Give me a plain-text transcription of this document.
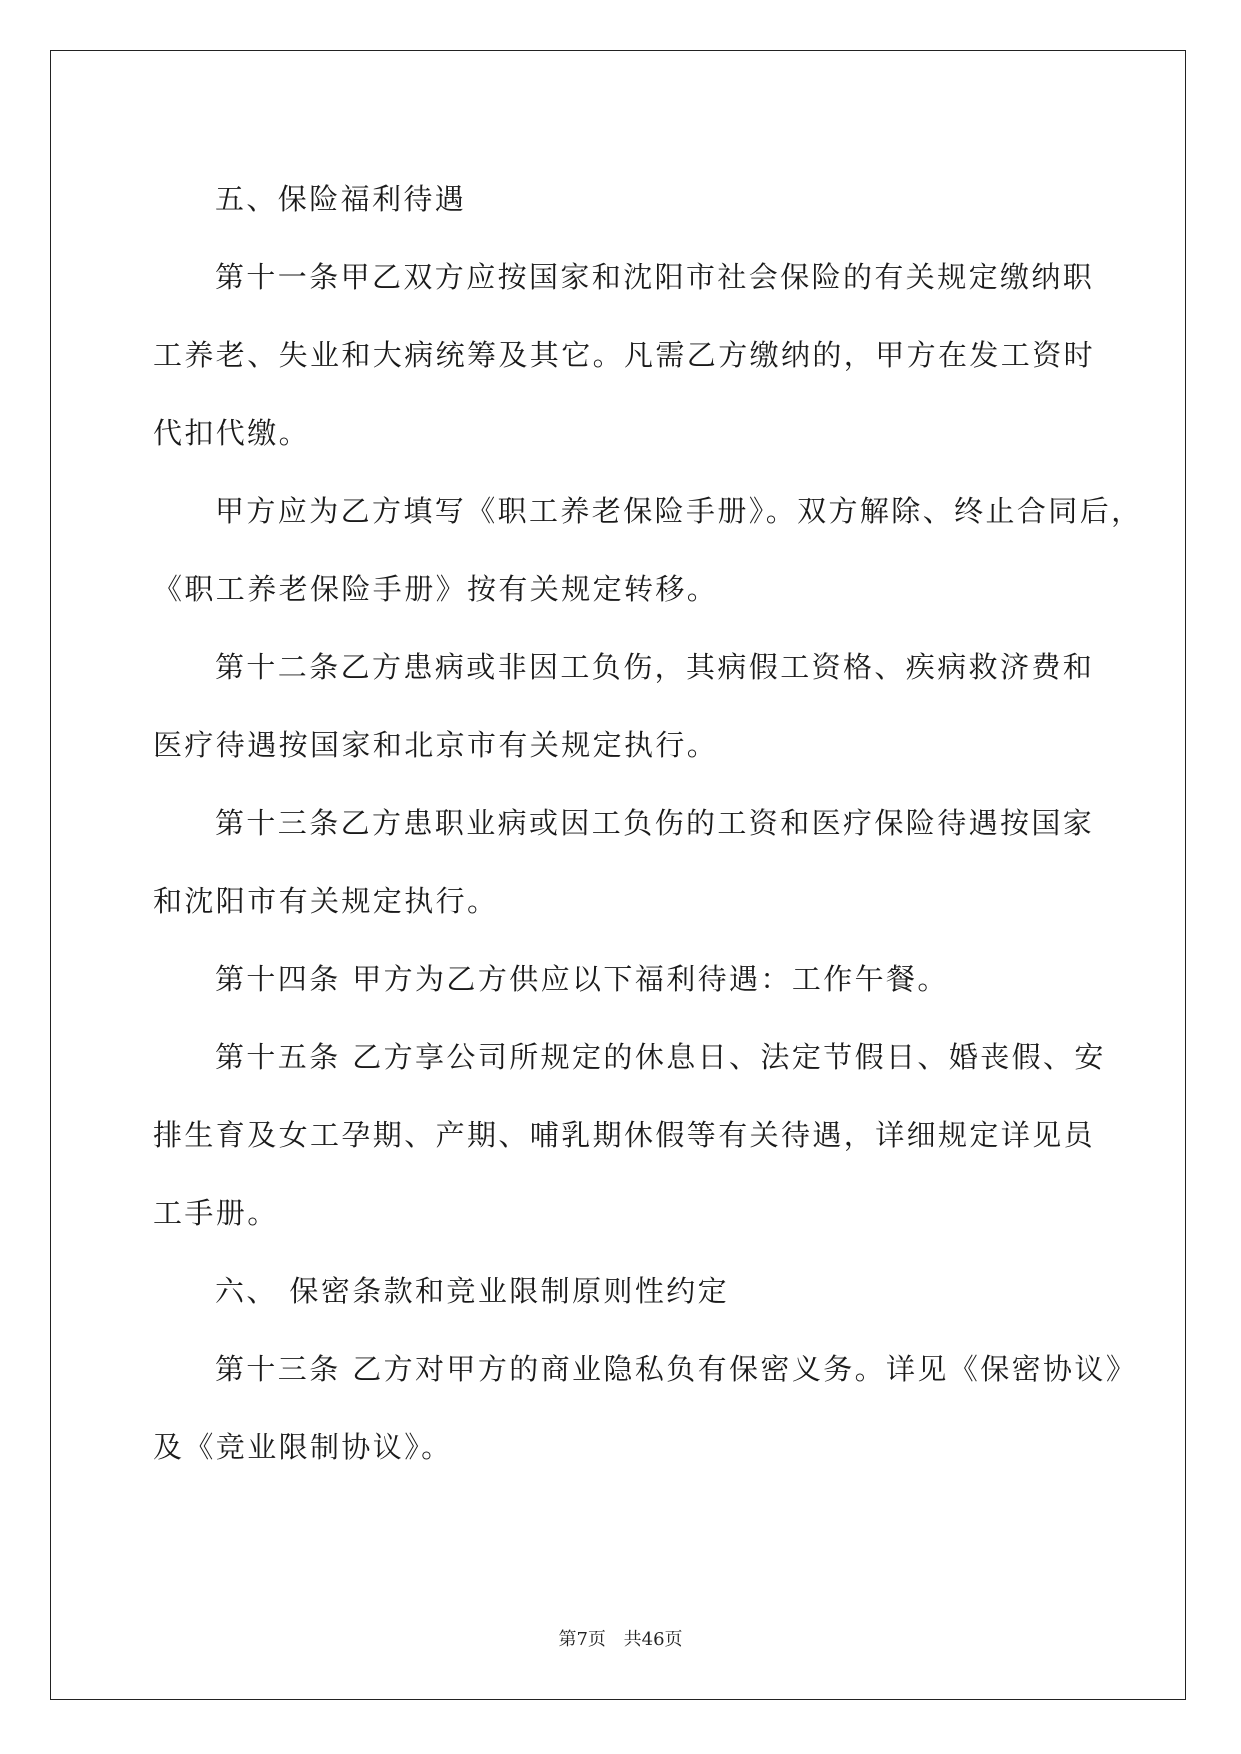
五、保险福利待遇

第十一条甲乙双方应按国家和沈阳市社会保险的有关规定缴纳职

工养老、失业和大病统筹及其它。凡需乙方缴纳的，甲方在发工资时

代扣代缴。

甲方应为乙方填写《职工养老保险手册》。双方解除、终止合同后，

《职工养老保险手册》按有关规定转移。

第十二条乙方患病或非因工负伤，其病假工资格、疾病救济费和

医疗待遇按国家和北京市有关规定执行。

第十三条乙方患职业病或因工负伤的工资和医疗保险待遇按国家

和沈阳市有关规定执行。

第十四条 甲方为乙方供应以下福利待遇：工作午餐。

第十五条 乙方享公司所规定的休息日、法定节假日、婚丧假、安

排生育及女工孕期、产期、哺乳期休假等有关待遇，详细规定详见员

工手册。

六、 保密条款和竞业限制原则性约定

第十三条 乙方对甲方的商业隐私负有保密义务。详见《保密协议》

及《竞业限制协议》。

第7页 共46页
